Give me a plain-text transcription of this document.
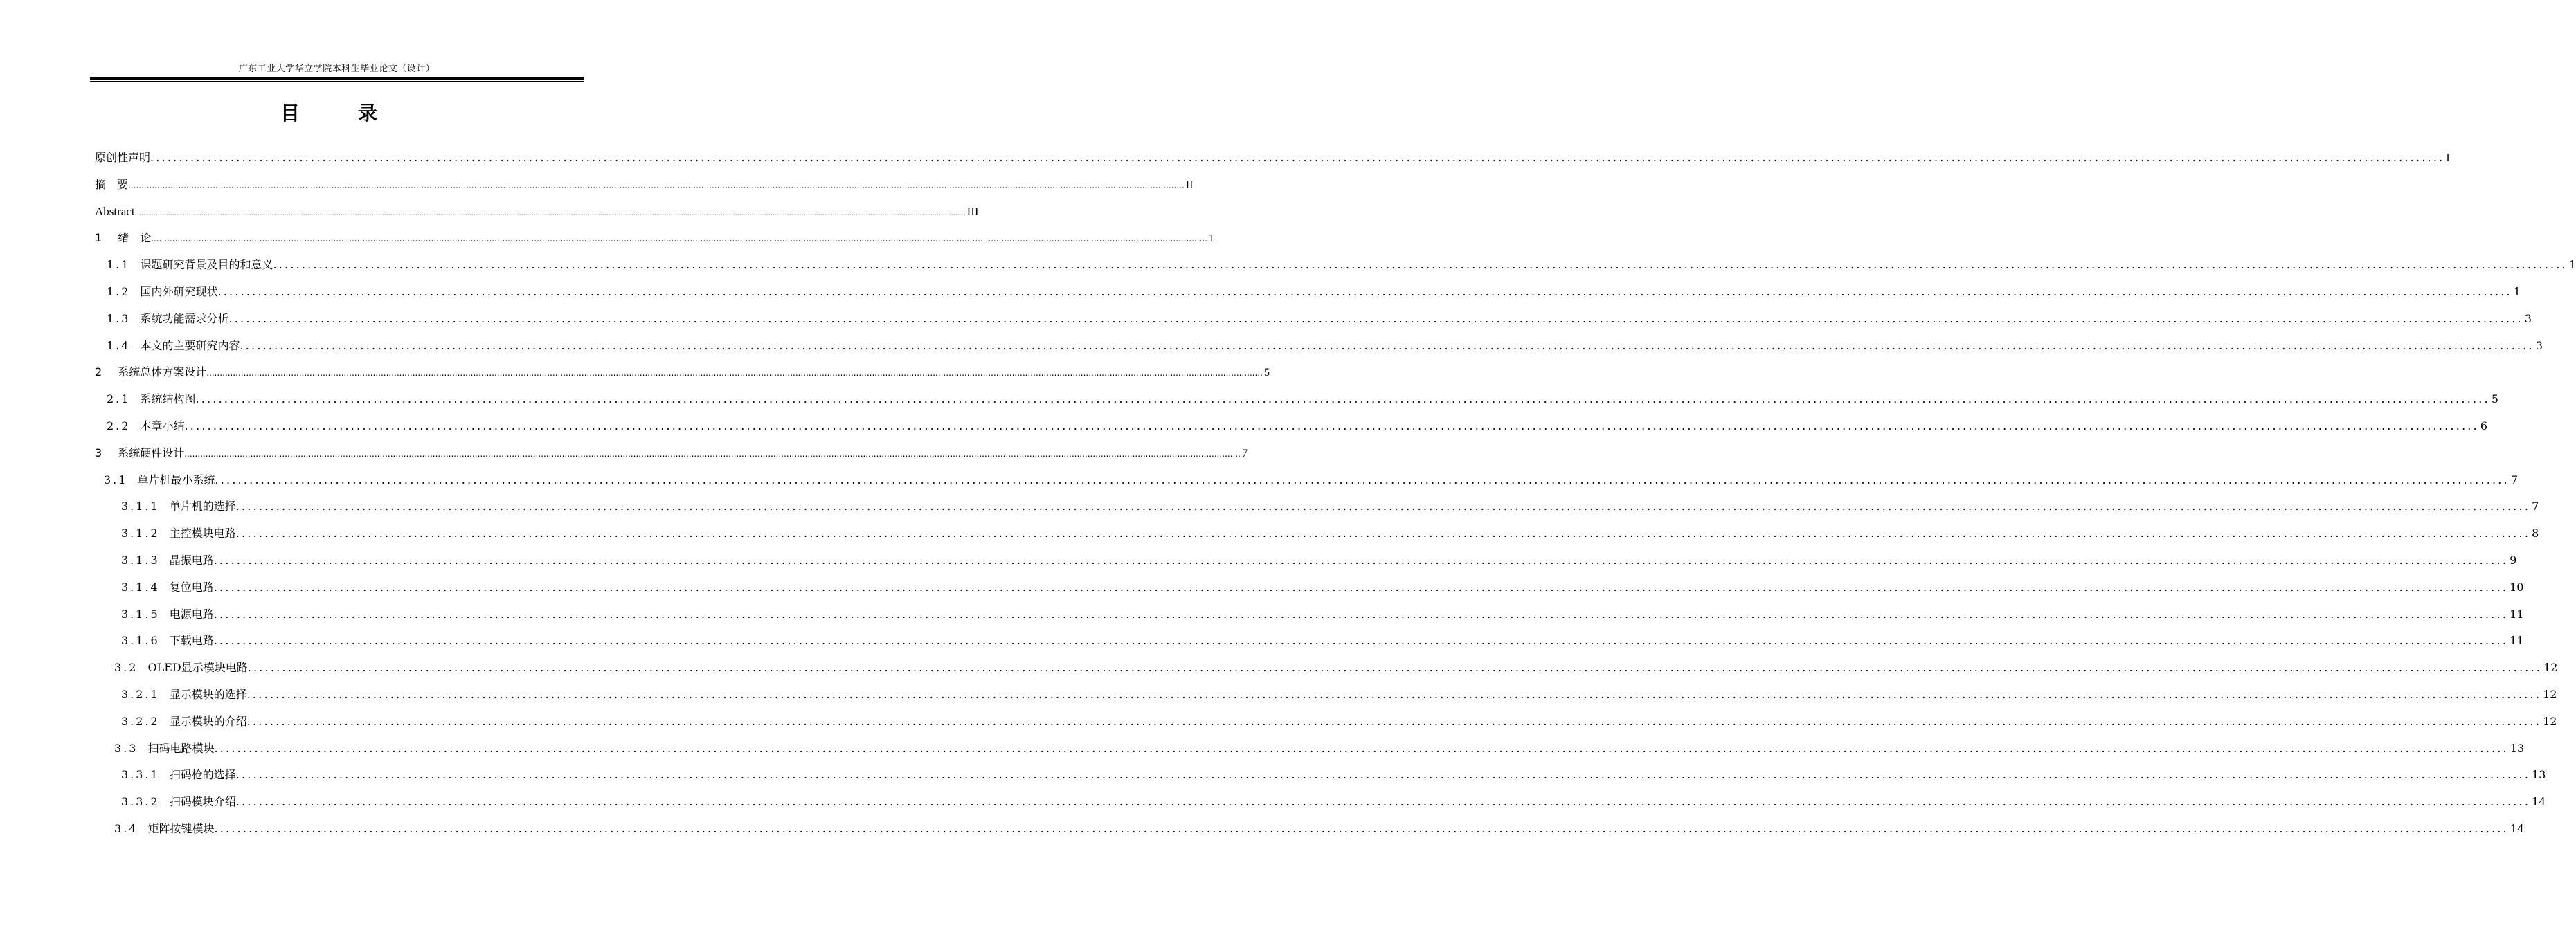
广东工业大学华立学院本科生毕业论文（设计）
目　录
原创性声明 ................................................................................................................................................................................................................................................................................................................................................................................................................ I
摘　要 ................................................................................................................................................................................................................................................................................................................................................................................................................ II
Abstract ................................................................................................................................................................................................................................................................................................................................................................................................................ III
1 绪　论 ................................................................................................................................................................................................................................................................................................................................................................................................................ 1
1.1 课题研究背景及目的和意义 ................................................................................................................................................................................................................................................................................................................................................................................................................ 1
1.2 国内外研究现状 ................................................................................................................................................................................................................................................................................................................................................................................................................ 1
1.3 系统功能需求分析 ................................................................................................................................................................................................................................................................................................................................................................................................................ 3
1.4 本文的主要研究内容 ................................................................................................................................................................................................................................................................................................................................................................................................................ 3
2 系统总体方案设计 ................................................................................................................................................................................................................................................................................................................................................................................................................ 5
2.1 系统结构图 ................................................................................................................................................................................................................................................................................................................................................................................................................ 5
2.2 本章小结 ................................................................................................................................................................................................................................................................................................................................................................................................................ 6
3 系统硬件设计 ................................................................................................................................................................................................................................................................................................................................................................................................................ 7
3.1 单片机最小系统 ................................................................................................................................................................................................................................................................................................................................................................................................................ 7
3.1.1 单片机的选择 ................................................................................................................................................................................................................................................................................................................................................................................................................ 7
3.1.2 主控模块电路 ................................................................................................................................................................................................................................................................................................................................................................................................................ 8
3.1.3 晶振电路 ................................................................................................................................................................................................................................................................................................................................................................................................................ 9
3.1.4 复位电路 ................................................................................................................................................................................................................................................................................................................................................................................................................ 10
3.1.5 电源电路 ................................................................................................................................................................................................................................................................................................................................................................................................................ 11
3.1.6 下载电路 ................................................................................................................................................................................................................................................................................................................................................................................................................ 11
3.2 OLED显示模块电路 ................................................................................................................................................................................................................................................................................................................................................................................................................ 12
3.2.1 显示模块的选择 ................................................................................................................................................................................................................................................................................................................................................................................................................ 12
3.2.2 显示模块的介绍 ................................................................................................................................................................................................................................................................................................................................................................................................................ 12
3.3 扫码电路模块 ................................................................................................................................................................................................................................................................................................................................................................................................................ 13
3.3.1 扫码枪的选择 ................................................................................................................................................................................................................................................................................................................................................................................................................ 13
3.3.2 扫码模块介绍 ................................................................................................................................................................................................................................................................................................................................................................................................................ 14
3.4 矩阵按键模块 ................................................................................................................................................................................................................................................................................................................................................................................................................ 14
